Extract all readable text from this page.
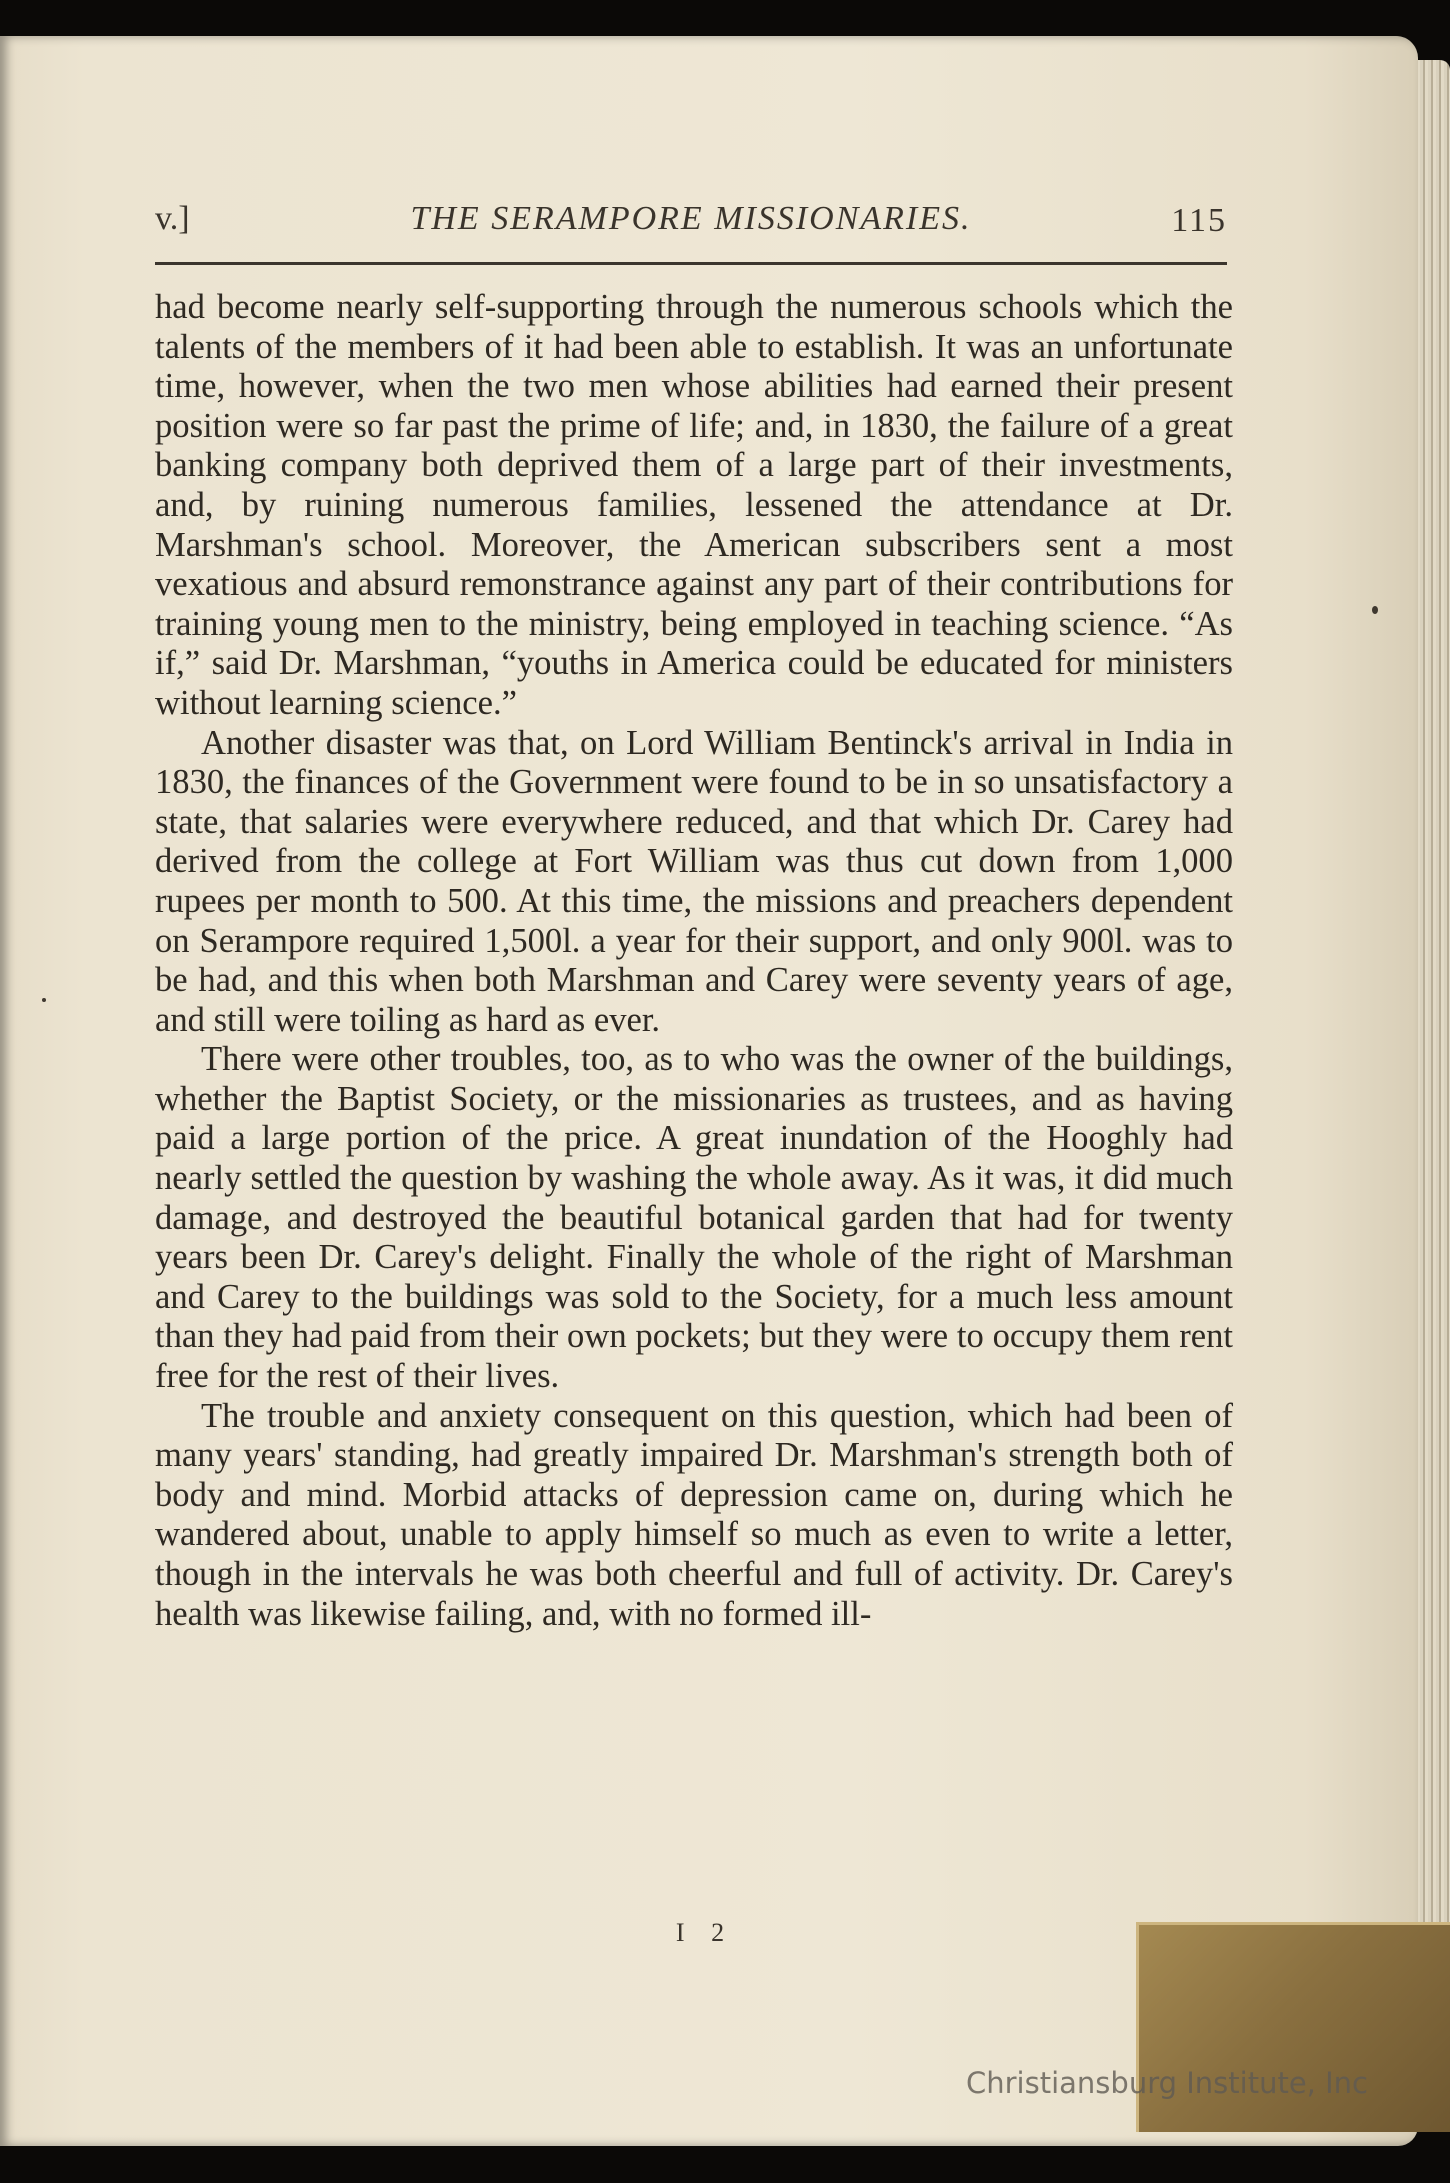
v.]	THE SERAMPORE MISSIONARIES.	115

had become nearly self-supporting through the numerous schools which the talents of the members of it had been able to establish. It was an unfortunate time, however, when the two men whose abilities had earned their present position were so far past the prime of life; and, in 1830, the failure of a great banking company both deprived them of a large part of their investments, and, by ruining numerous families, lessened the attendance at Dr. Marshman's school. Moreover, the American subscribers sent a most vexatious and absurd remonstrance against any part of their contributions for training young men to the ministry, being employed in teaching science. “As if,” said Dr. Marshman, “youths in America could be educated for ministers without learning science.”

Another disaster was that, on Lord William Bentinck's arrival in India in 1830, the finances of the Government were found to be in so unsatisfactory a state, that salaries were everywhere reduced, and that which Dr. Carey had derived from the college at Fort William was thus cut down from 1,000 rupees per month to 500. At this time, the missions and preachers dependent on Serampore required 1,500l. a year for their support, and only 900l. was to be had, and this when both Marshman and Carey were seventy years of age, and still were toiling as hard as ever.

There were other troubles, too, as to who was the owner of the buildings, whether the Baptist Society, or the missionaries as trustees, and as having paid a large portion of the price. A great inundation of the Hooghly had nearly settled the question by washing the whole away. As it was, it did much damage, and destroyed the beautiful botanical garden that had for twenty years been Dr. Carey's delight. Finally the whole of the right of Marshman and Carey to the buildings was sold to the Society, for a much less amount than they had paid from their own pockets; but they were to occupy them rent free for the rest of their lives.

The trouble and anxiety consequent on this question, which had been of many years' standing, had greatly impaired Dr. Marshman's strength both of body and mind. Morbid attacks of depression came on, during which he wandered about, unable to apply himself so much as even to write a letter, though in the intervals he was both cheerful and full of activity. Dr. Carey's health was likewise failing, and, with no formed ill-

I 2
Christiansburg Institute, Inc
